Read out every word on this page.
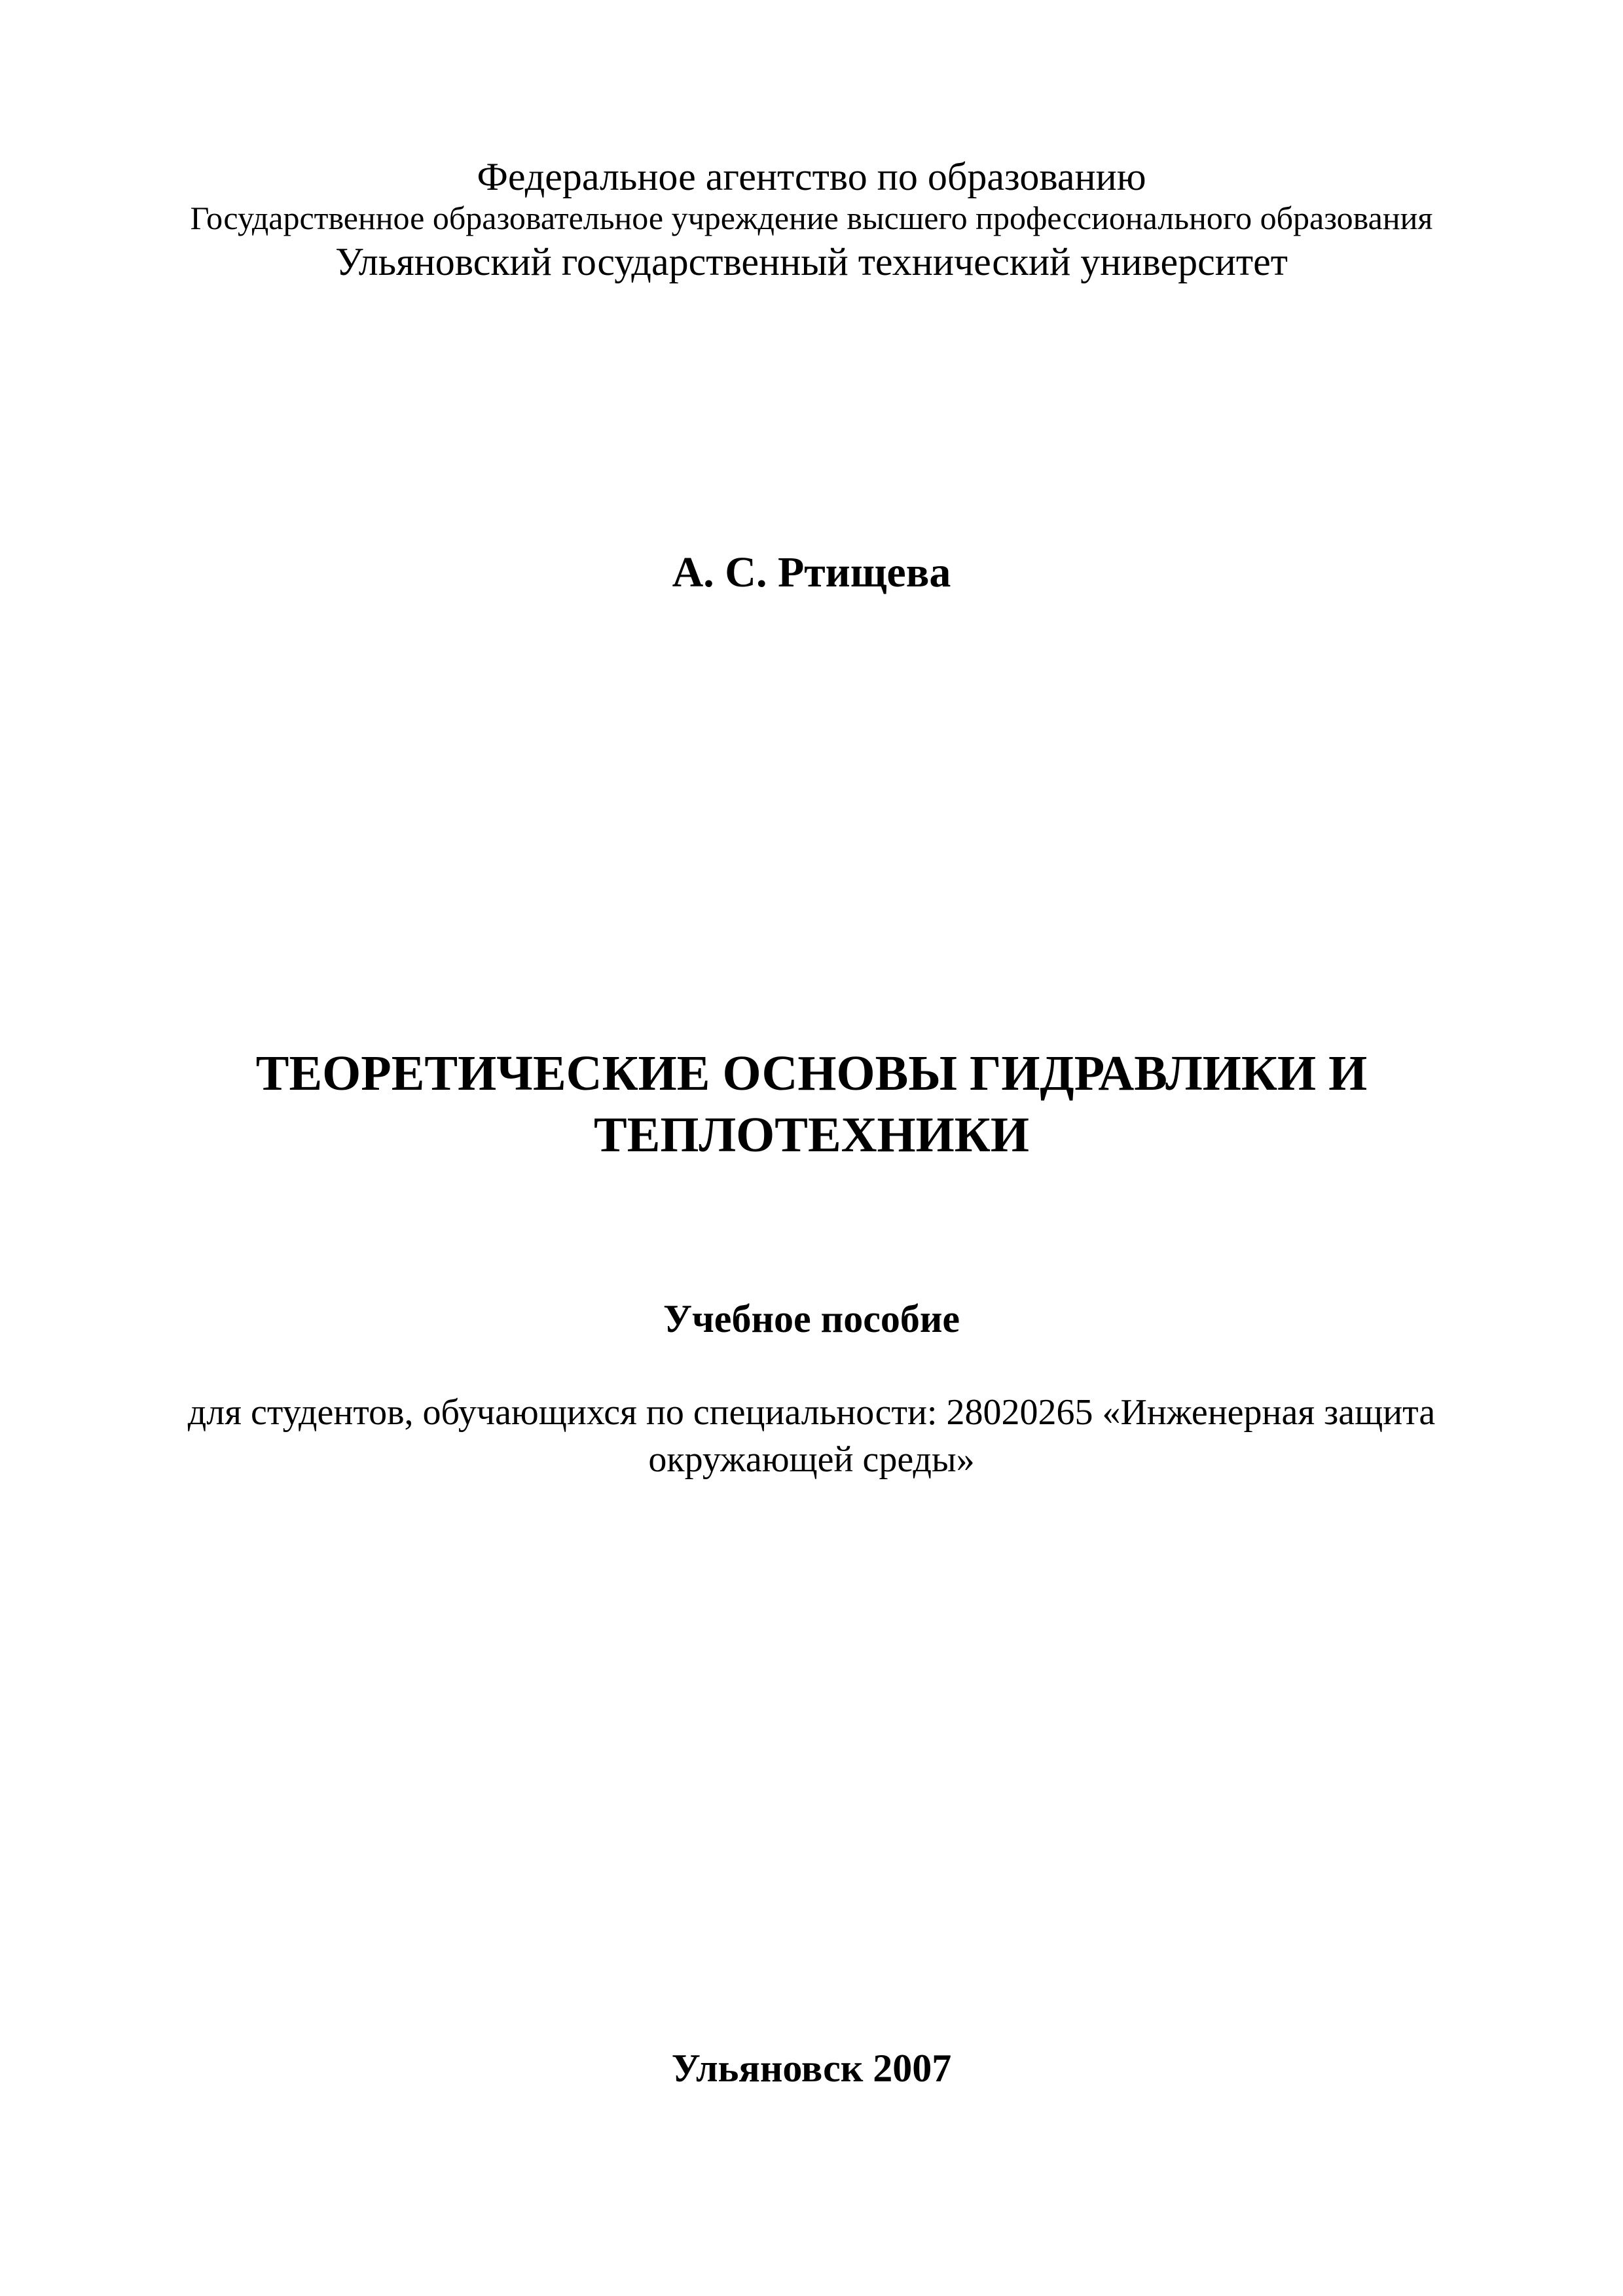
Федеральное агентство по образованию
Государственное образовательное учреждение высшего профессионального образования
Ульяновский государственный технический университет
А. С. Ртищева
ТЕОРЕТИЧЕСКИЕ ОСНОВЫ ГИДРАВЛИКИ И
ТЕПЛОТЕХНИКИ
Учебное пособие
для студентов, обучающихся по специальности: 28020265 «Инженерная защита
окружающей среды»
Ульяновск 2007
